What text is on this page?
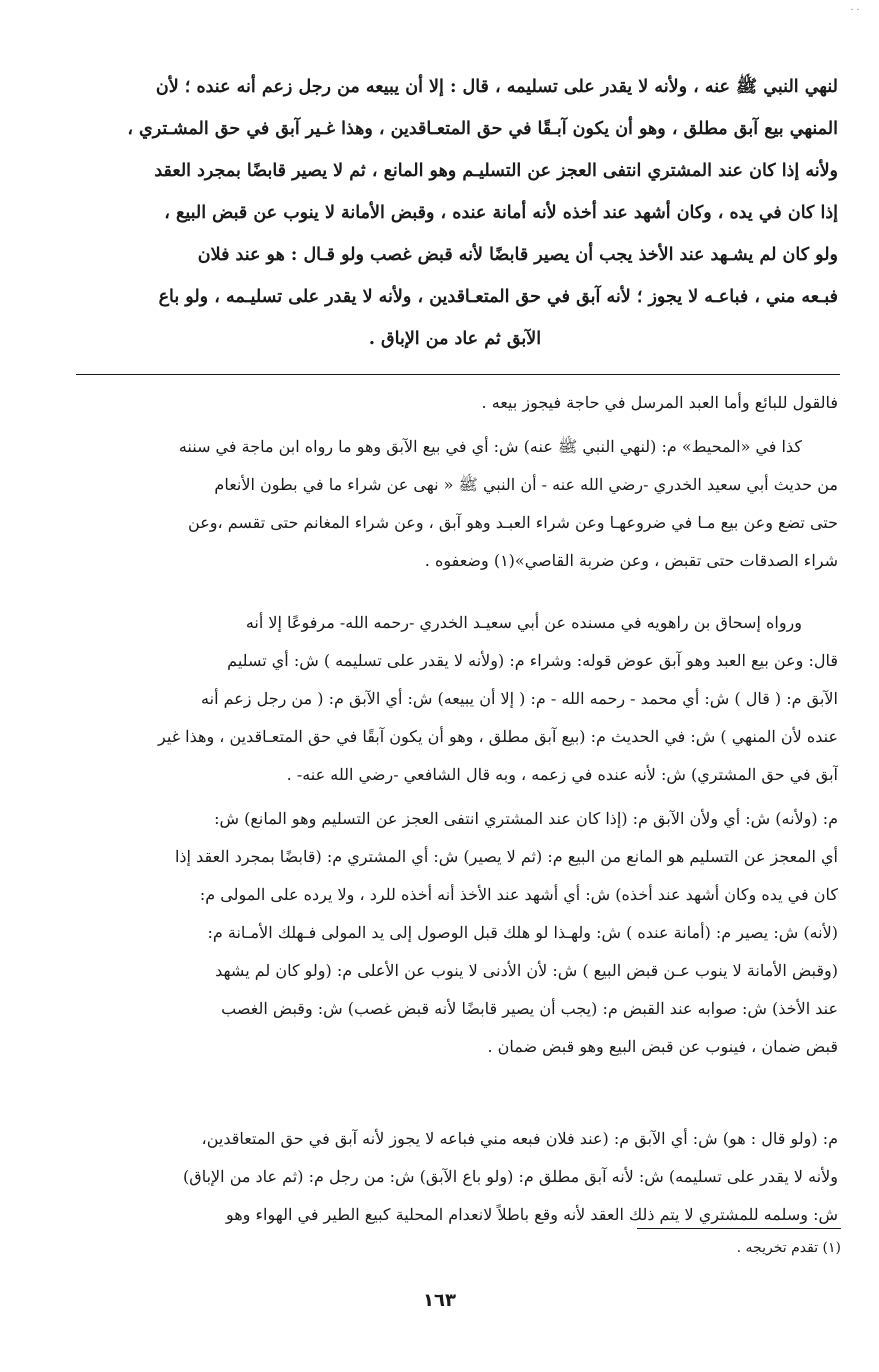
٠٠
لنهي النبي ﷺ عنه ، ولأنه لا يقدر على تسليمه ، قال : إلا أن يبيعه من رجل زعم أنه عنده ؛ لأن
المنهي بيع آبق مطلق ، وهو أن يكون آبـقًا في حق المتعـاقدين ، وهذا غـير آبق في حق المشـتري ،
ولأنه إذا كان عند المشتري انتفى العجز عن التسليـم وهو المانع ، ثم لا يصير قابضًا بمجرد العقد
إذا كان في يده ، وكان أشهد عند أخذه لأنه أمانة عنده ، وقبض الأمانة لا ينوب عن قبض البيع ،
ولو كان لم يشـهد عند الأخذ يجب أن يصير قابضًا لأنه قبض غصب ولو قـال : هو عند فلان
فبـعه مني ، فباعـه لا يجوز ؛ لأنه آبق في حق المتعـاقدين ، ولأنه لا يقدر على تسليـمه ، ولو باع
الآبق ثم عاد من الإباق .
فالقول للبائع وأما العبد المرسل في حاجة فيجوز بيعه .
كذا في «المحيط» م: (لنهي النبي ﷺ عنه) ش: أي في بيع الآبق وهو ما رواه ابن ماجة في سننه
من حديث أبي سعيد الخدري -رضي الله عنه - أن النبي ﷺ « نهى عن شراء ما في بطون الأنعام
حتى تضع وعن بيع مـا في ضروعهـا وعن شراء العبـد وهو آبق ، وعن شراء المغانم حتى تقسم ،وعن
شراء الصدقات حتى تقبض ، وعن ضربة القاصي»(١) وضعفوه .
ورواه إسحاق بن راهويه في مسنده عن أبي سعيـد الخدري -رحمه الله- مرفوعًا إلا أنه
قال: وعن بيع العبد وهو آبق عوض قوله: وشراء م: (ولأنه لا يقدر على تسليمه ) ش: أي تسليم
الآبق م: ( قال ) ش: أي محمد - رحمه الله - م: ( إلا أن يبيعه) ش: أي الآبق م: ( من رجل زعم أنه
عنده لأن المنهي ) ش: في الحديث م: (بيع آبق مطلق ، وهو أن يكون آبقًا في حق المتعـاقدين ، وهذا غير
آبق في حق المشتري) ش: لأنه عنده في زعمه ، وبه قال الشافعي -رضي الله عنه- .
م: (ولأنه) ش: أي ولأن الآبق م: (إذا كان عند المشتري انتفى العجز عن التسليم وهو المانع) ش:
أي المعجز عن التسليم هو المانع من البيع م: (ثم لا يصير) ش: أي المشتري م: (قابضًا بمجرد العقد إذا
كان في يده وكان أشهد عند أخذه) ش: أي أشهد عند الأخذ أنه أخذه للرد ، ولا يرده على المولى م:
(لأنه) ش: يصير م: (أمانة عنده ) ش: ولهـذا لو هلك قبل الوصول إلى يد المولى فـهلك الأمـانة م:
(وقبض الأمانة لا ينوب عـن قبض البيع ) ش: لأن الأدنى لا ينوب عن الأعلى م: (ولو كان لم يشهد
عند الأخذ) ش: صوابه عند القبض م: (يجب أن يصير قابضًا لأنه قبض غصب) ش: وقبض الغصب
قبض ضمان ، فينوب عن قبض البيع وهو قبض ضمان .
م: (ولو قال : هو) ش: أي الآبق م: (عند فلان فبعه مني فباعه لا يجوز لأنه آبق في حق المتعاقدين،
ولأنه لا يقدر على تسليمه) ش: لأنه آبق مطلق م: (ولو باع الآبق) ش: من رجل م: (ثم عاد من الإباق)
ش: وسلمه للمشتري لا يتم ذلك العقد لأنه وقع باطلاً لانعدام المحلية كبيع الطير في الهواء وهو
(١) تقدم تخريجه .
١٦٣
